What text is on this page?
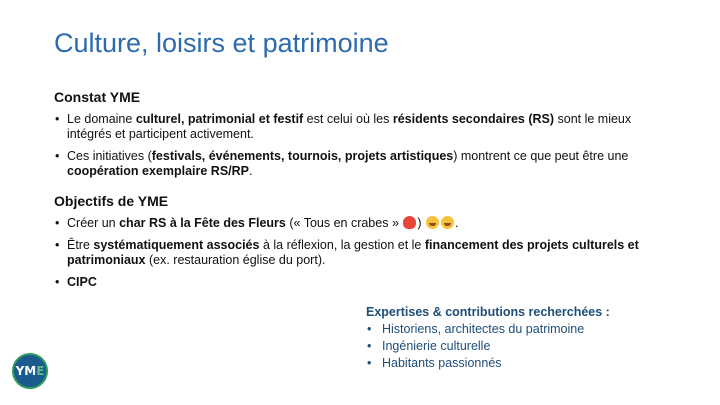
Culture, loisirs et patrimoine
Constat YME
• Le domaine culturel, patrimonial et festif est celui où les résidents secondaires (RS) sont le mieux intégrés et participent activement.
• Ces initiatives (festivals, événements, tournois, projets artistiques) montrent ce que peut être une coopération exemplaire RS/RP.
Objectifs de YME
• Créer un char RS à la Fête des Fleurs (« Tous en crabes » ) .
• Être systématiquement associés à la réflexion, la gestion et le financement des projets culturels et patrimoniaux (ex. restauration église du port).
• CIPC
Expertises & contributions recherchées :
• Historiens, architectes du patrimoine
• Ingénierie culturelle
• Habitants passionnés
YM E
